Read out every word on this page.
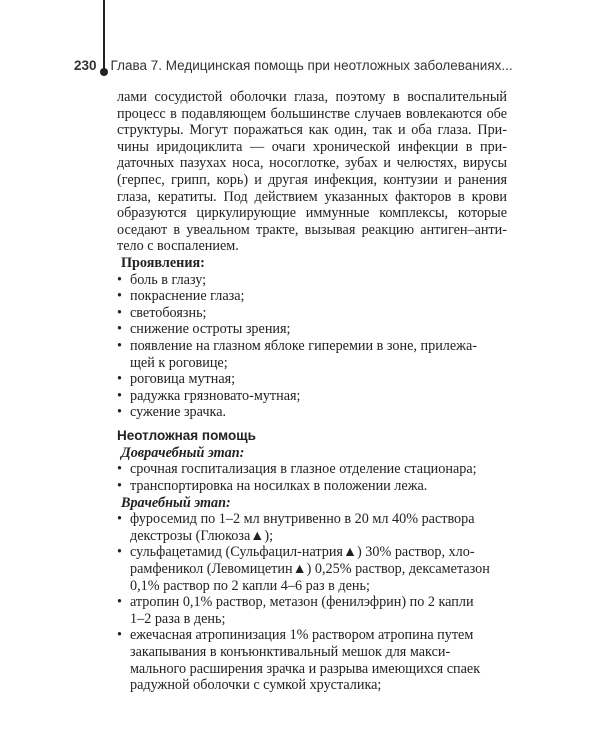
230 Глава 7. Медицинская помощь при неотложных заболеваниях...
лами сосудистой оболочки глаза, поэтому в воспалительный
процесс в подавляющем большинстве случаев вовлекаются обе
структуры. Могут поражаться как один, так и оба глаза. При-
чины иридоциклита — очаги хронической инфекции в при-
даточных пазухах носа, носоглотке, зубах и челюстях, вирусы
(герпес, грипп, корь) и другая инфекция, контузии и ранения
глаза, кератиты. Под действием указанных факторов в крови
образуются циркулирующие иммунные комплексы, которые
оседают в увеальном тракте, вызывая реакцию антиген–анти-
тело с воспалением.
Проявления:
• боль в глазу;
• покраснение глаза;
• светобоязнь;
• снижение остроты зрения;
• появление на глазном яблоке гиперемии в зоне, прилежа-
щей к роговице;
• роговица мутная;
• радужка грязновато-мутная;
• сужение зрачка.
Неотложная помощь
Доврачебный этап:
• срочная госпитализация в глазное отделение стационара;
• транспортировка на носилках в положении лежа.
Врачебный этап:
• фуросемид по 1–2 мл внутривенно в 20 мл 40% раствора
декстрозы (Глюкоза▲);
• сульфацетамид (Сульфацил-натрия▲) 30% раствор, хло-
рамфеникол (Левомицетин▲) 0,25% раствор, дексаметазон
0,1% раствор по 2 капли 4–6 раз в день;
• атропин 0,1% раствор, метазон (фенилэфрин) по 2 капли
1–2 раза в день;
• ежечасная атропинизация 1% раствором атропина путем
закапывания в конъюнктивальный мешок для макси-
мального расширения зрачка и разрыва имеющихся спаек
радужной оболочки с сумкой хрусталика;
